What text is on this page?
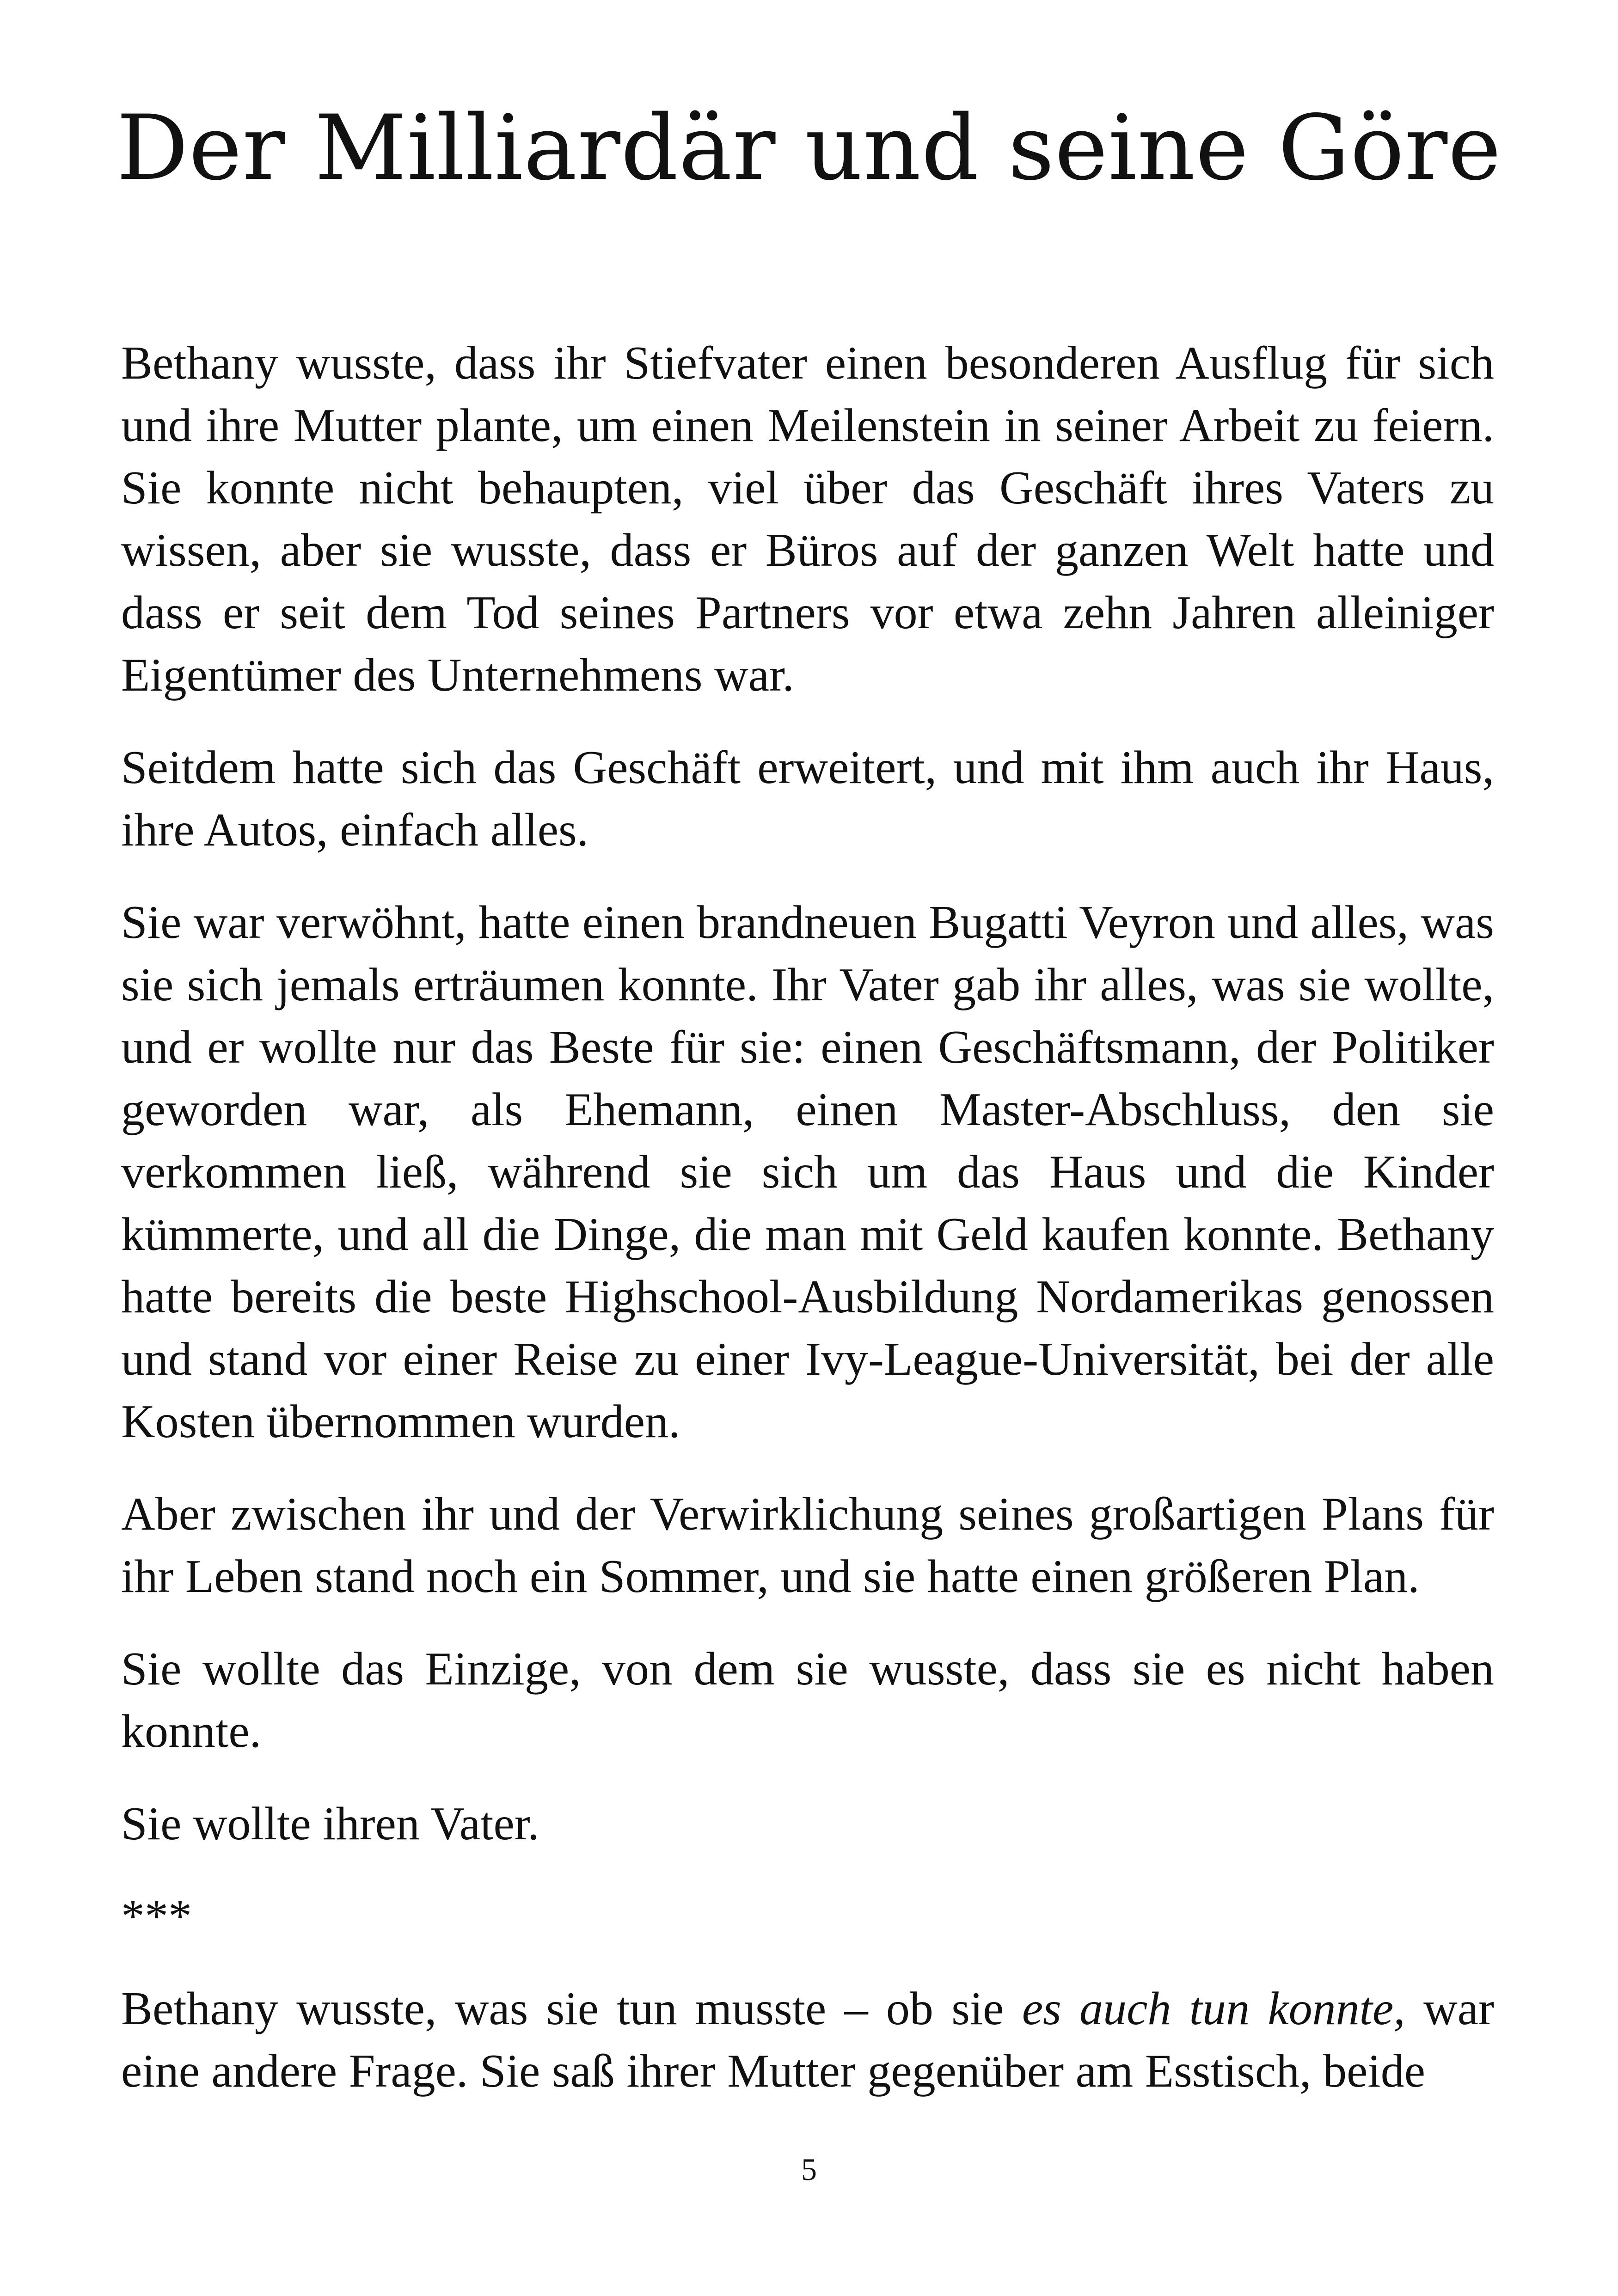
Der Milliardär und seine Göre

Bethany wusste, dass ihr Stiefvater einen besonderen Ausflug für sich und ihre Mutter plante, um einen Meilenstein in seiner Arbeit zu feiern. Sie konnte nicht behaupten, viel über das Geschäft ihres Vaters zu wissen, aber sie wusste, dass er Büros auf der ganzen Welt hatte und dass er seit dem Tod seines Partners vor etwa zehn Jahren alleiniger Eigentümer des Unternehmens war.

Seitdem hatte sich das Geschäft erweitert, und mit ihm auch ihr Haus, ihre Autos, einfach alles.

Sie war verwöhnt, hatte einen brandneuen Bugatti Veyron und alles, was sie sich jemals erträumen konnte. Ihr Vater gab ihr alles, was sie wollte, und er wollte nur das Beste für sie: einen Geschäftsmann, der Politiker geworden war, als Ehemann, einen Master-Abschluss, den sie verkommen ließ, während sie sich um das Haus und die Kinder kümmerte, und all die Dinge, die man mit Geld kaufen konnte. Bethany hatte bereits die beste Highschool-Ausbildung Nordamerikas genossen und stand vor einer Reise zu einer Ivy-League-Universität, bei der alle Kosten übernommen wurden.

Aber zwischen ihr und der Verwirklichung seines großartigen Plans für ihr Leben stand noch ein Sommer, und sie hatte einen größeren Plan.

Sie wollte das Einzige, von dem sie wusste, dass sie es nicht haben konnte.

Sie wollte ihren Vater.

***

Bethany wusste, was sie tun musste – ob sie es auch tun konnte, war eine andere Frage. Sie saß ihrer Mutter gegenüber am Esstisch, beide

5
